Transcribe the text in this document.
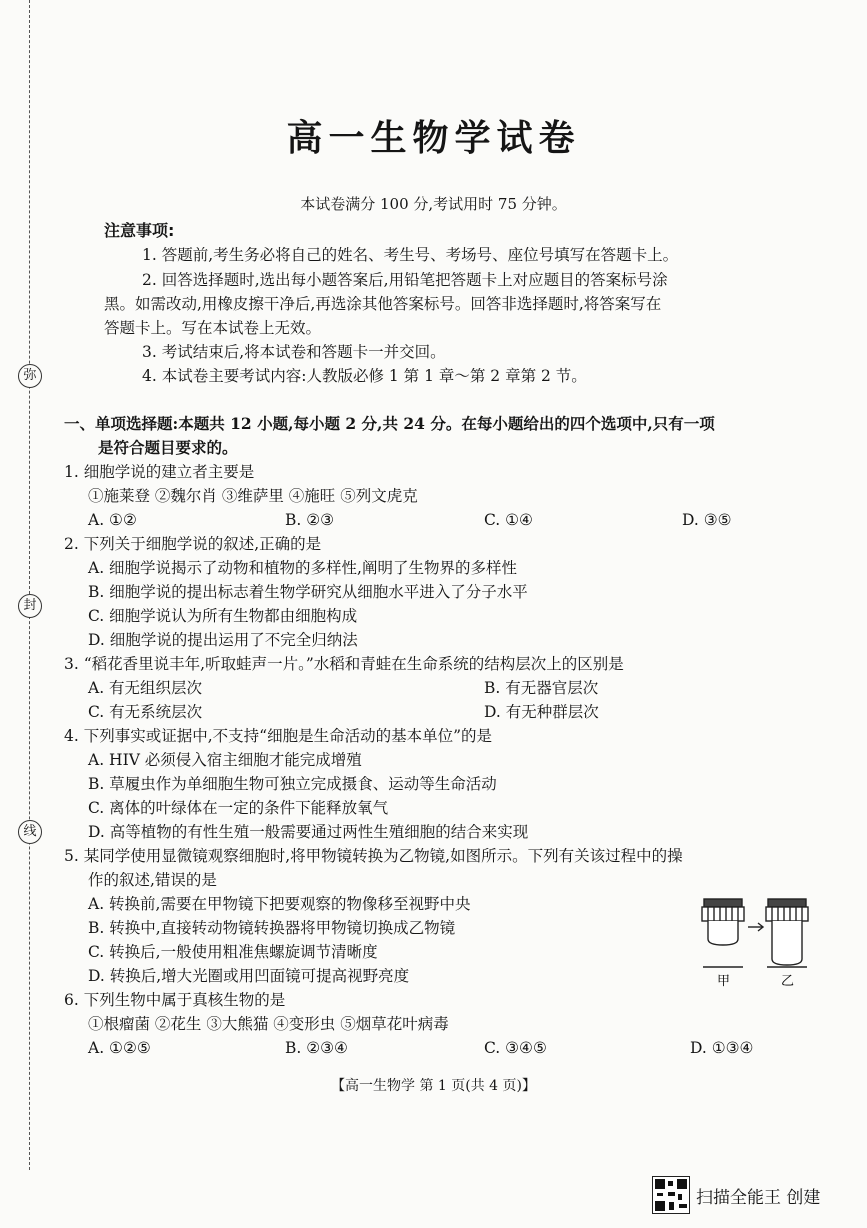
弥
封
线
高一生物学试卷
本试卷满分 100 分,考试用时 75 分钟。
注意事项:
1. 答题前,考生务必将自己的姓名、考生号、考场号、座位号填写在答题卡上。
2. 回答选择题时,选出每小题答案后,用铅笔把答题卡上对应题目的答案标号涂
黑。如需改动,用橡皮擦干净后,再选涂其他答案标号。回答非选择题时,将答案写在
答题卡上。写在本试卷上无效。
3. 考试结束后,将本试卷和答题卡一并交回。
4. 本试卷主要考试内容:人教版必修 1 第 1 章～第 2 章第 2 节。
一、单项选择题:本题共 12 小题,每小题 2 分,共 24 分。在每小题给出的四个选项中,只有一项
是符合题目要求的。
1. 细胞学说的建立者主要是
①施莱登 ②魏尔肖 ③维萨里 ④施旺 ⑤列文虎克
A. ①②	B. ②③	C. ①④	D. ③⑤
2. 下列关于细胞学说的叙述,正确的是
A. 细胞学说揭示了动物和植物的多样性,阐明了生物界的多样性
B. 细胞学说的提出标志着生物学研究从细胞水平进入了分子水平
C. 细胞学说认为所有生物都由细胞构成
D. 细胞学说的提出运用了不完全归纳法
3. “稻花香里说丰年,听取蛙声一片。”水稻和青蛙在生命系统的结构层次上的区别是
A. 有无组织层次	B. 有无器官层次
C. 有无系统层次	D. 有无种群层次
4. 下列事实或证据中,不支持“细胞是生命活动的基本单位”的是
A. HIV 必须侵入宿主细胞才能完成增殖
B. 草履虫作为单细胞生物可独立完成摄食、运动等生命活动
C. 离体的叶绿体在一定的条件下能释放氧气
D. 高等植物的有性生殖一般需要通过两性生殖细胞的结合来实现
5. 某同学使用显微镜观察细胞时,将甲物镜转换为乙物镜,如图所示。下列有关该过程中的操
作的叙述,错误的是
A. 转换前,需要在甲物镜下把要观察的物像移至视野中央
B. 转换中,直接转动物镜转换器将甲物镜切换成乙物镜
C. 转换后,一般使用粗准焦螺旋调节清晰度
D. 转换后,增大光圈或用凹面镜可提高视野亮度	甲	乙
6. 下列生物中属于真核生物的是
①根瘤菌 ②花生 ③大熊猫 ④变形虫 ⑤烟草花叶病毒
A. ①②⑤	B. ②③④	C. ③④⑤	D. ①③④
【高一生物学 第 1 页(共 4 页)】
扫描全能王 创建
